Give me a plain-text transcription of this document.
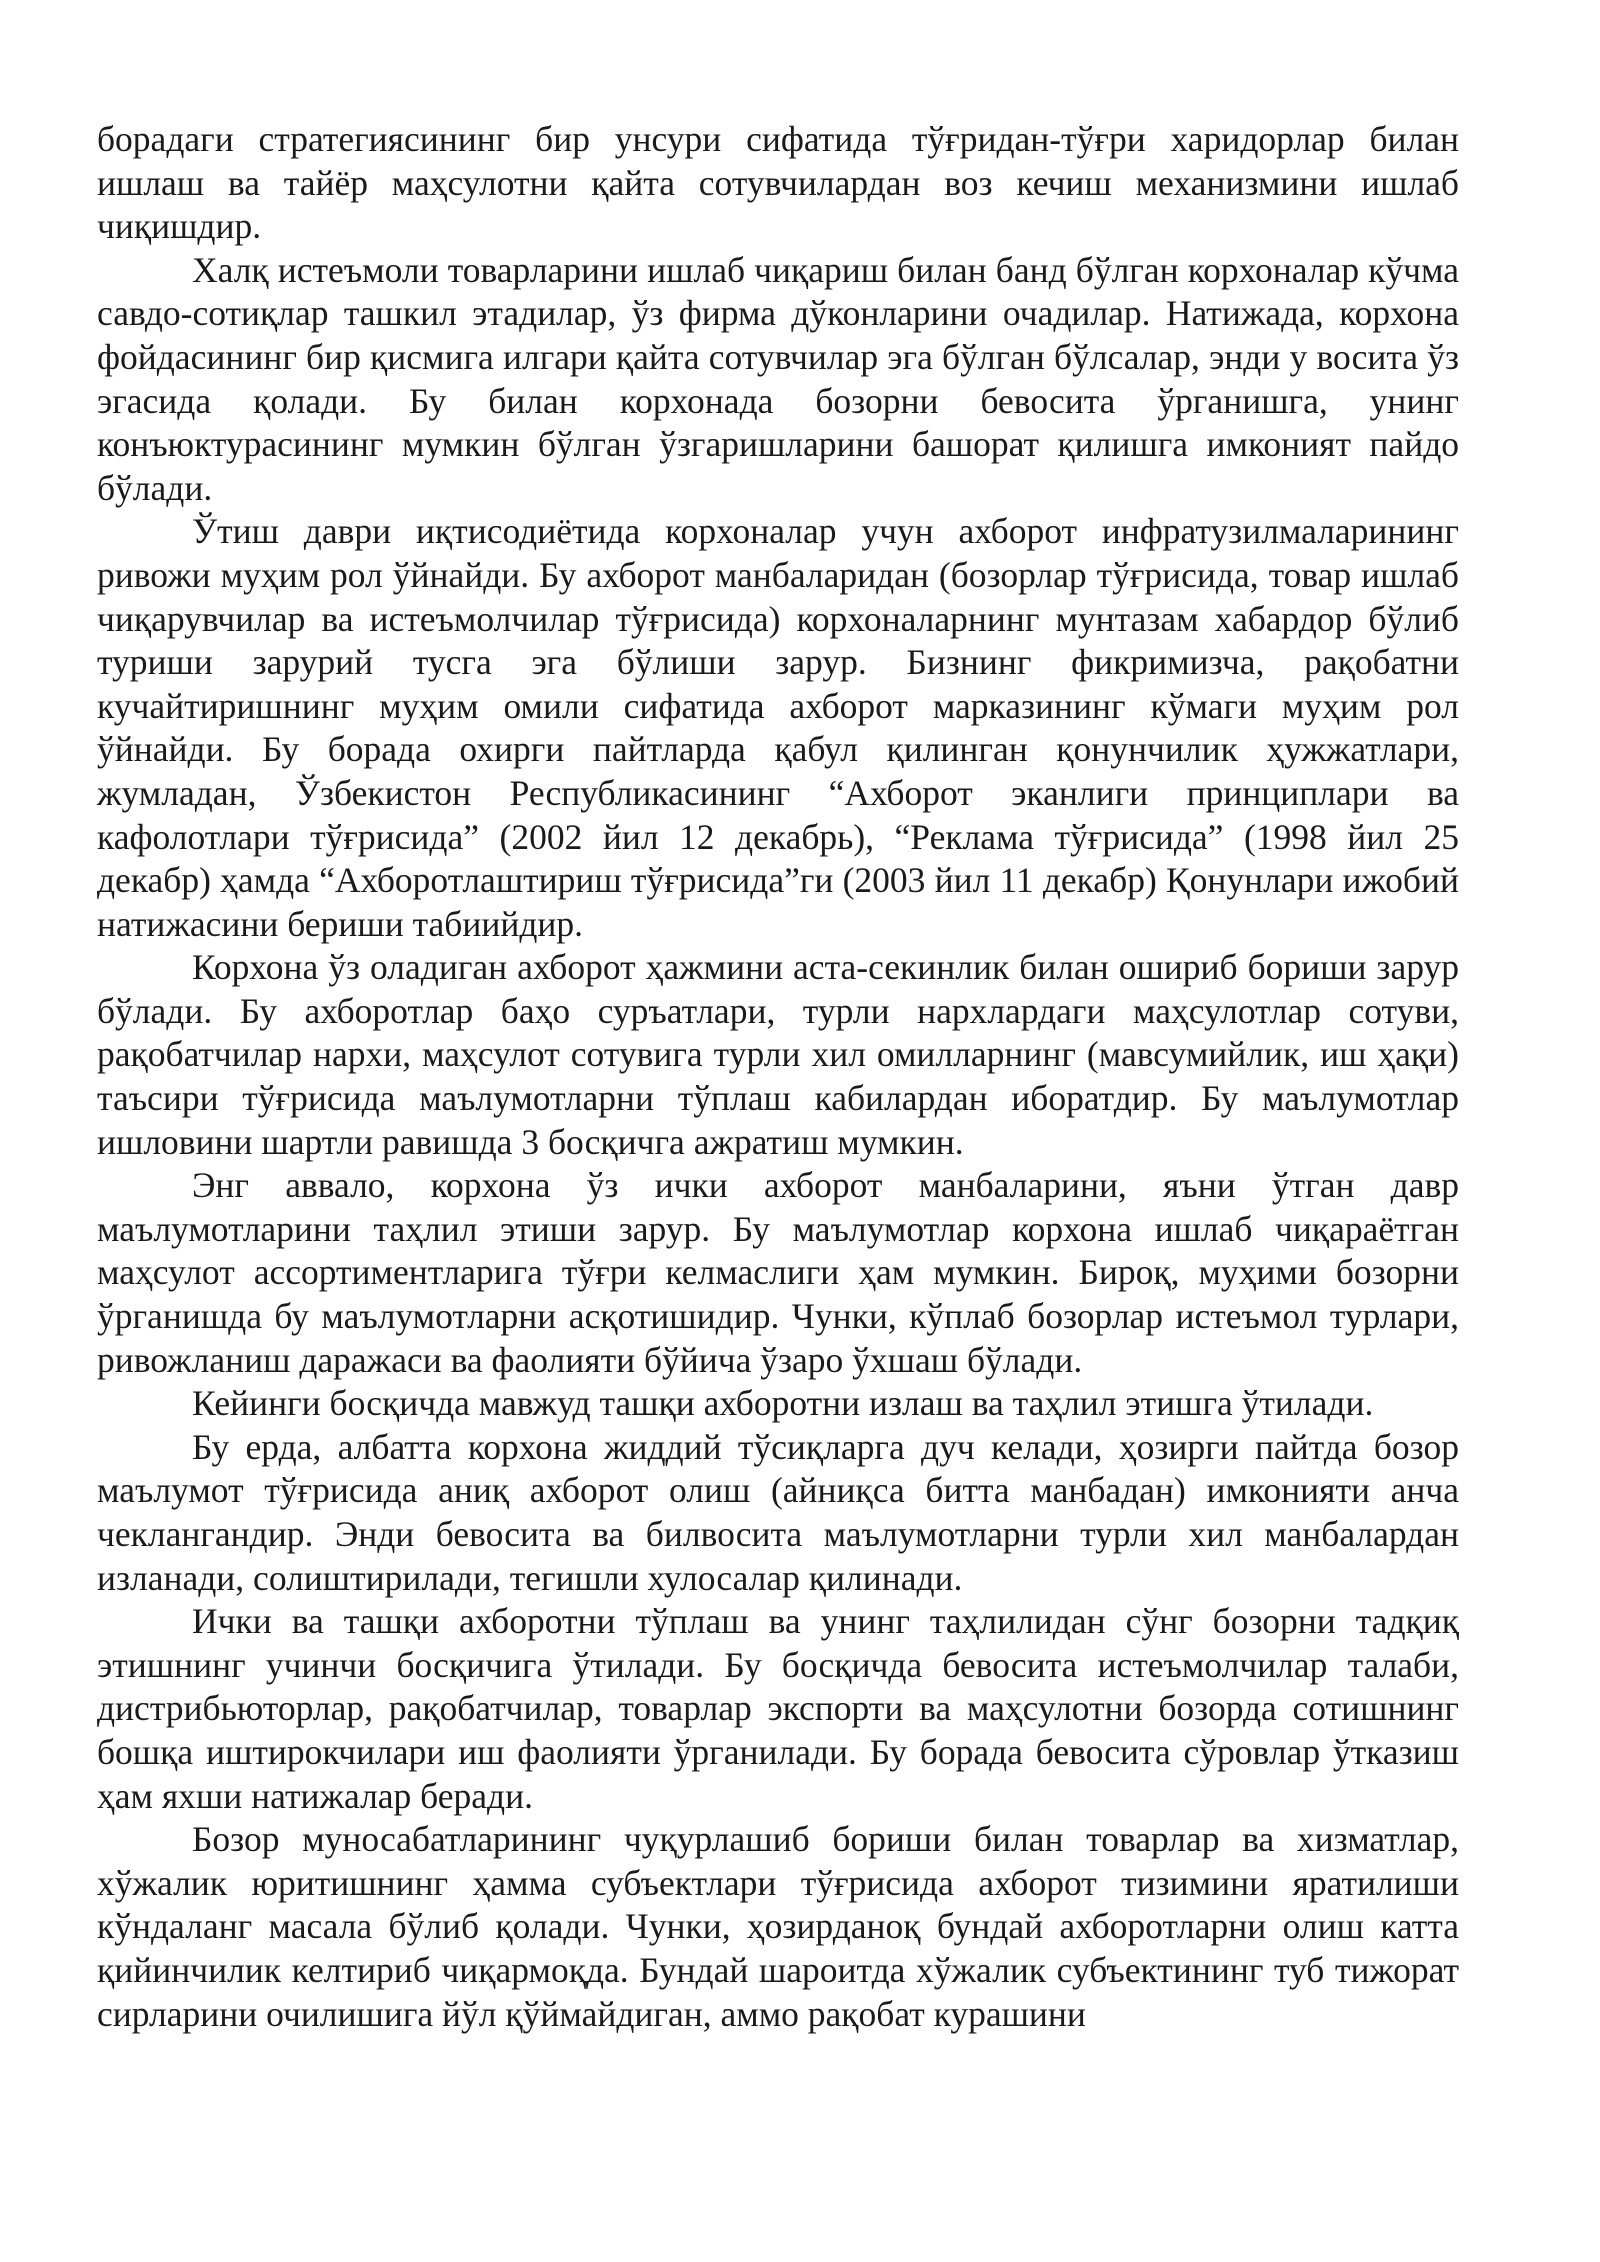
борадаги стратегиясининг бир унсури сифатида тўғридан-тўғри харидорлар билан ишлаш ва тайёр маҳсулотни қайта сотувчилардан воз кечиш механизмини ишлаб чиқишдир.

Халқ истеъмоли товарларини ишлаб чиқариш билан банд бўлган корхоналар кўчма савдо-сотиқлар ташкил этадилар, ўз фирма дўконларини очадилар. Натижада, корхона фойдасининг бир қисмига илгари қайта сотувчилар эга бўлган бўлсалар, энди у восита ўз эгасида қолади. Бу билан корхонада бозорни бевосита ўрганишга, унинг конъюктурасининг мумкин бўлган ўзгаришларини башорат қилишга имконият пайдо бўлади.

Ўтиш даври иқтисодиётида корхоналар учун ахборот инфратузилмаларининг ривожи муҳим рол ўйнайди. Бу ахборот манбаларидан (бозорлар тўғрисида, товар ишлаб чиқарувчилар ва истеъмолчилар тўғрисида) корхоналарнинг мунтазам хабардор бўлиб туриши зарурий тусга эга бўлиши зарур. Бизнинг фикримизча, рақобатни кучайтиришнинг муҳим омили сифатида ахборот марказининг кўмаги муҳим рол ўйнайди. Бу борада охирги пайтларда қабул қилинган қонунчилик ҳужжатлари, жумладан, Ўзбекистон Республикасининг “Ахборот эканлиги принциплари ва кафолотлари тўғрисида” (2002 йил 12 декабрь), “Реклама тўғрисида” (1998 йил 25 декабр) ҳамда “Ахборотлаштириш тўғрисида”ги (2003 йил 11 декабр) Қонунлари ижобий натижасини бериши табиийдир.

Корхона ўз оладиган ахборот ҳажмини аста-секинлик билан ошириб бориши зарур бўлади. Бу ахборотлар баҳо суръатлари, турли нархлардаги маҳсулотлар сотуви, рақобатчилар нархи, маҳсулот сотувига турли хил омилларнинг (мавсумийлик, иш ҳақи) таъсири тўғрисида маълумотларни тўплаш кабилардан иборатдир. Бу маълумотлар ишловини шартли равишда 3 босқичга ажратиш мумкин.

Энг аввало, корхона ўз ички ахборот манбаларини, яъни ўтган давр маълумотларини таҳлил этиши зарур. Бу маълумотлар корхона ишлаб чиқараётган маҳсулот ассортиментларига тўғри келмаслиги ҳам мумкин. Бироқ, муҳими бозорни ўрганишда бу маълумотларни асқотишидир. Чунки, кўплаб бозорлар истеъмол турлари, ривожланиш даражаси ва фаолияти бўйича ўзаро ўхшаш бўлади.

Кейинги босқичда мавжуд ташқи ахборотни излаш ва таҳлил этишга ўтилади.

Бу ерда, албатта корхона жиддий тўсиқларга дуч келади, ҳозирги пайтда бозор маълумот тўғрисида аниқ ахборот олиш (айниқса битта манбадан) имконияти анча чеклангандир. Энди бевосита ва билвосита маълумотларни турли хил манбалардан изланади, солиштирилади, тегишли хулосалар қилинади.

Ички ва ташқи ахборотни тўплаш ва унинг таҳлилидан сўнг бозорни тадқиқ этишнинг учинчи босқичига ўтилади. Бу босқичда бевосита истеъмолчилар талаби, дистрибьюторлар, рақобатчилар, товарлар экспорти ва маҳсулотни бозорда сотишнинг бошқа иштирокчилари иш фаолияти ўрганилади. Бу борада бевосита сўровлар ўтказиш ҳам яхши натижалар беради.

Бозор муносабатларининг чуқурлашиб бориши билан товарлар ва хизматлар, хўжалик юритишнинг ҳамма субъектлари тўғрисида ахборот тизимини яратилиши кўндаланг масала бўлиб қолади. Чунки, ҳозирданоқ бундай ахборотларни олиш катта қийинчилик келтириб чиқармоқда. Бундай шароитда хўжалик субъектининг туб тижорат сирларини очилишига йўл қўймайдиган, аммо рақобат курашини
